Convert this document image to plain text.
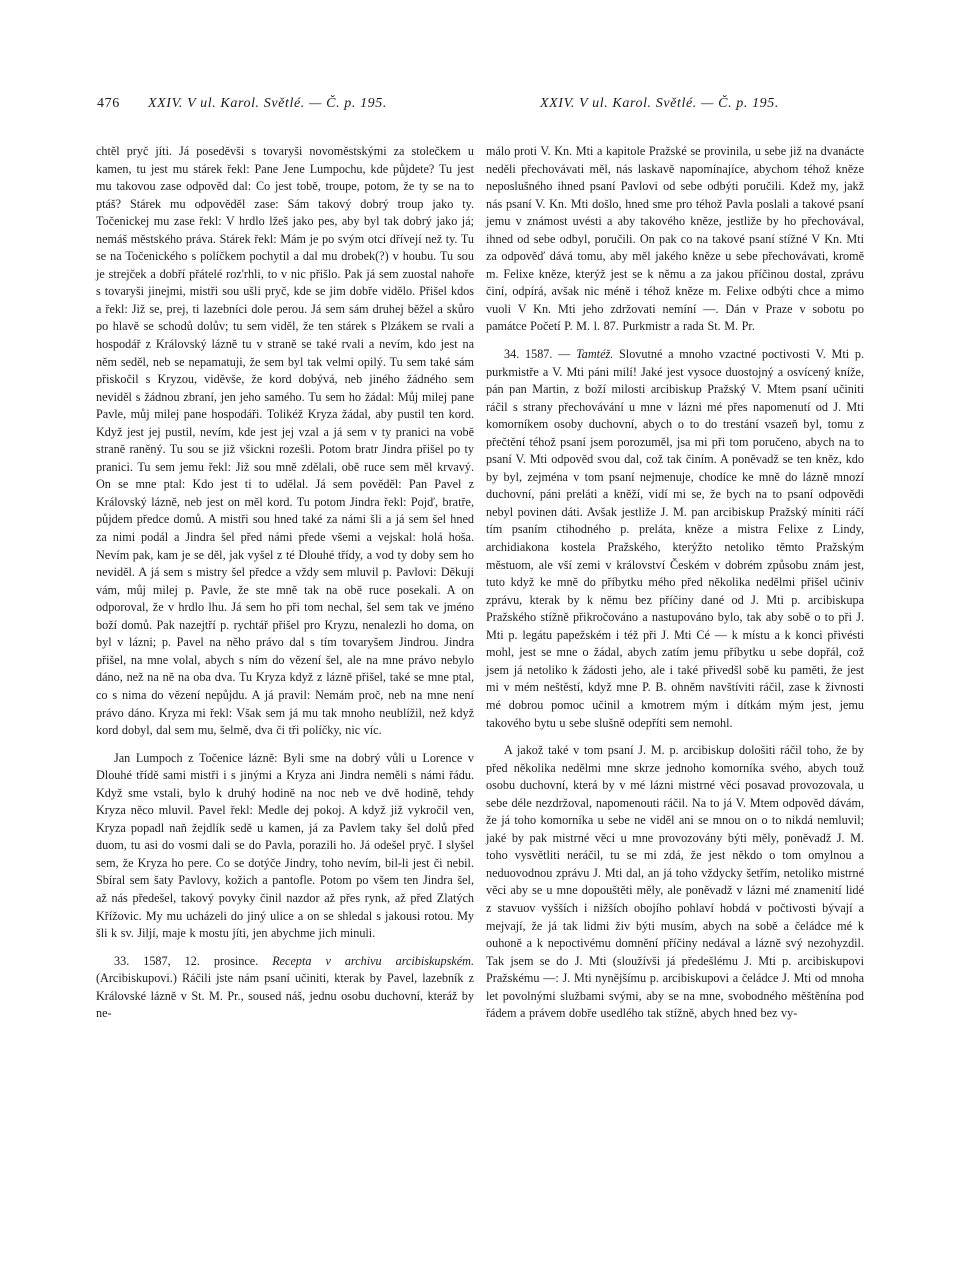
476 XXIV. V ul. Karol. Světlé. — Č. p. 195.	XXIV. V ul. Karol. Světlé. — Č. p. 195.

chtěl pryč jíti. Já poseděvši s tovaryši novoměstskými za stolečkem u kamen, tu jest mu stárek řekl: Pane Jene Lumpochu, kde půjdete? Tu jest mu takovou zase odpověd dal: Co jest tobě, troupe, potom, že ty se na to ptáš? Stárek mu odpověděl zase: Sám takový dobrý troup jako ty. Točenickej mu zase řekl: V hrdlo lžeš jako pes, aby byl tak dobrý jako já; nemáš městského práva. Stárek řekl: Mám je po svým otci dřívejí než ty. Tu se na Točenického s políčkem pochytil a dal mu drobek(?) v houbu. Tu sou je strejček a dobří přátelé roz'rhli, to v nic přišlo. Pak já sem zuostal nahoře s tovaryši jinejmi, mistři sou ušli pryč, kde se jim dobře vidělo. Přišel kdos a řekl: Již se, prej, ti lazebníci dole perou. Já sem sám druhej běžel a skůro po hlavě se schodů dolův; tu sem viděl, že ten stárek s Plzákem se rvali a hospodář z Královský lázně tu v straně se také rvali a nevím, kdo jest na něm seděl, neb se nepamatuji, že sem byl tak velmi opilý. Tu sem také sám přiskočil s Kryzou, vidĕvše, že kord dobývá, neb jiného žádného sem neviděl s žádnou zbraní, jen jeho samého. Tu sem ho žádal: Můj milej pane Pavle, můj milej pane hospodáři. Tolikéž Kryza žádal, aby pustil ten kord. Když jest jej pustil, nevím, kde jest jej vzal a já sem v ty pranici na vobě straně raněný. Tu sou se již všickni rozešli. Potom bratr Jindra přišel po ty pranici. Tu sem jemu řekl: Již sou mně zdělali, obě ruce sem měl krvavý. On se mne ptal: Kdo jest ti to udělal. Já sem pověděl: Pan Pavel z Královský lázně, neb jest on měl kord. Tu potom Jindra řekl: Pojď, bratře, půjdem předce domů. A mistři sou hned také za námi šli a já sem šel hned za nimi podál a Jindra šel před námi přede všemi a vejskal: holá hoša. Nevím pak, kam je se děl, jak vyšel z té Dlouhé třídy, a vod ty doby sem ho neviděl. A já sem s mistry šel předce a vždy sem mluvil p. Pavlovi: Děkuji vám, můj milej p. Pavle, že ste mně tak na obě ruce posekali. A on odporoval, že v hrdlo lhu. Já sem ho při tom nechal, šel sem tak ve jméno boží domů. Pak nazejtří p. rychtář přišel pro Kryzu, nenalezli ho doma, on byl v lázni; p. Pavel na něho právo dal s tím tovaryšem Jindrou. Jindra přišel, na mne volal, abych s ním do vězení šel, ale na mne právo nebylo dáno, než na ně na oba dva. Tu Kryza když z lázně přišel, také se mne ptal, co s nima do vězení nepůjdu. A já pravil: Nemám proč, neb na mne není právo dáno. Kryza mi řekl: Však sem já mu tak mnoho neublížil, než když kord dobyl, dal sem mu, šelmě, dva či tři políčky, nic víc.

Jan Lumpoch z Točenice lázně: Byli sme na dobrý vůli u Lorence v Dlouhé třídě sami mistři i s jinými a Kryza ani Jindra neměli s námi řádu. Když sme vstali, bylo k druhý hodině na noc neb ve dvě hodině, tehdy Kryza něco mluvil. Pavel řekl: Medle dej pokoj. A když již vykročil ven, Kryza popadl naň žejdlík sedě u kamen, já za Pavlem taky šel dolů před duom, tu asi do vosmi dali se do Pavla, porazili ho. Já odešel pryč. I slyšel sem, že Kryza ho pere. Co se dotýče Jindry, toho nevím, bil-li jest či nebil. Sbíral sem šaty Pavlovy, kožich a pantofle. Potom po všem ten Jindra šel, až nás předešel, takový povyky činil nazdor až přes rynk, až před Zlatých Křížovic. My mu ucházeli do jiný ulice a on se shledal s jakousi rotou. My šli k sv. Jiljí, maje k mostu jíti, jen abychme jich minuli.

33. 1587, 12. prosince. Recepta v archivu arcibiskupském. (Arcibiskupovi.) Ráčili jste nám psaní učiniti, kterak by Pavel, lazebník z Královské lázně v St. M. Pr., soused náš, jednu osobu duchovní, kteráž by ne-

málo proti V. Kn. Mti a kapitole Pražské se provinila, u sebe již na dvanácte neděli přechovávati měl, nás laskavě napomínajíce, abychom téhož kněze neposlušného ihned psaní Pavlovi od sebe odbýti poručili. Kdež my, jakž nás psaní V. Kn. Mti došlo, hned sme pro téhož Pavla poslali a takové psaní jemu v známost uvésti a aby takového kněze, jestliže by ho přechovával, ihned od sebe odbyl, poručili. On pak co na takové psaní stížné V Kn. Mti za odpověď dává tomu, aby měl jakého kněze u sebe přechovávati, kromě m. Felixe kněze, kterýž jest se k němu a za jakou příčinou dostal, zprávu činí, odpírá, avšak nic méně i téhož kněze m. Felixe odbýti chce a mimo vuoli V Kn. Mti jeho zdržovati nemíní —. Dán v Praze v sobotu po památce Početí P. M. l. 87. Purkmistr a rada St. M. Pr.

34. 1587. — Tamtéž. Slovutné a mnoho vzactné poctivosti V. Mti p. purkmistře a V. Mti páni milí! Jaké jest vysoce duostojný a osvícený kníže, pán pan Martin, z boží milosti arcibiskup Pražský V. Mtem psaní učiniti ráčil s strany přechovávání u mne v lázni mé přes napomenutí od J. Mti komorníkem osoby duchovní, abych o to do trestání vsazeň byl, tomu z přečtění téhož psaní jsem porozuměl, jsa mi při tom poručeno, abych na to psaní V. Mti odpověd svou dal, což tak činím. A poněvadž se ten kněz, kdo by byl, zejména v tom psaní nejmenuje, chodíce ke mně do lázně mnozí duchovní, páni preláti a kněží, vidí mi se, že bych na to psaní odpovědi nebyl povinen dáti. Avšak jestliže J. M. pan arcibiskup Pražský míniti ráčí tím psaním ctihodného p. preláta, kněze a mistra Felixe z Lindy, archidiakona kostela Pražského, kterýžto netoliko těmto Pražským městuom, ale vší zemi v království Českém v dobrém způsobu znám jest, tuto když ke mně do příbytku mého před několika nedělmi přišel učiniv zprávu, kterak by k němu bez příčiny dané od J. Mti p. arcibiskupa Pražského stížně přikročováno a nastupováno bylo, tak aby sobě o to při J. Mti p. legátu papežském i též při J. Mti Cé — k místu a k konci přivésti mohl, jest se mne o žádal, abych zatím jemu příbytku u sebe dopřál, což jsem já netoliko k žádosti jeho, ale i také přivedšl sobě ku paměti, že jest mi v mém neštěstí, když mne P. B. ohněm navštíviti ráčil, zase k živnosti mé dobrou pomoc učinil a kmotrem mým i dítkám mým jest, jemu takového bytu u sebe slušně odepříti sem nemohl.

A jakož také v tom psaní J. M. p. arcibiskup dološiti ráčil toho, že by před několika nedělmi mne skrze jednoho komorníka svého, abych touž osobu duchovní, která by v mé lázni mistrné věci posavad provozovala, u sebe déle nezdržoval, napomenouti ráčil. Na to já V. Mtem odpověd dávám, že já toho komorníka u sebe ne viděl ani se mnou on o to nikdá nemluvil; jaké by pak mistrné věci u mne provozovány býti měly, poněvadž J. M. toho vysvětliti neráčil, tu se mi zdá, že jest někdo o tom omylnou a neduovodnou zprávu J. Mti dal, an já toho vždycky šetřím, netoliko mistrné věci aby se u mne dopouštěti měly, ale poněvadž v lázni mé znamenití lidé z stavuov vyšších i nižších obojího pohlaví hobdá v počtivosti bývají a mejvají, že já tak lidmi živ býti musím, abych na sobě a čeládce mé k ouhoně a k nepoctivému domnění příčiny nedával a lázně svý nezohyzdil. Tak jsem se do J. Mti (sloužívši já předešlému J. Mti p. arcibiskupovi Pražskému —: J. Mti nynějšímu p. arcibiskupovi a čeládce J. Mti od mnoha let povolnými službami svými, aby se na mne, svobodného měštěnína pod řádem a právem dobře usedlého tak stížně, abych hned bez vy-
